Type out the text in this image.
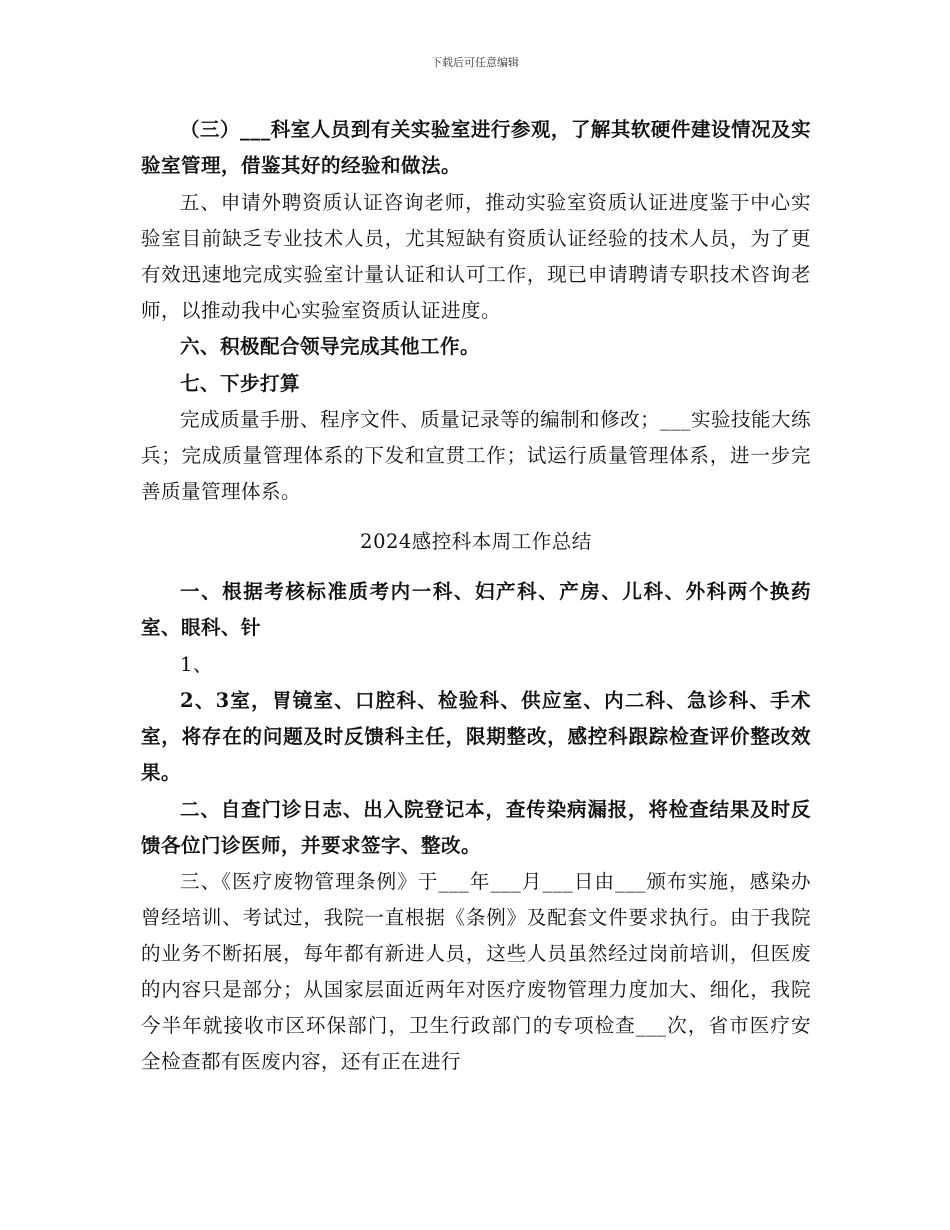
下载后可任意编辑

（三）___科室人员到有关实验室进行参观，了解其软硬件建设情况及实验室管理，借鉴其好的经验和做法。

五、申请外聘资质认证咨询老师，推动实验室资质认证进度鉴于中心实验室目前缺乏专业技术人员，尤其短缺有资质认证经验的技术人员，为了更有效迅速地完成实验室计量认证和认可工作，现已申请聘请专职技术咨询老师，以推动我中心实验室资质认证进度。

六、积极配合领导完成其他工作。

七、下步打算

完成质量手册、程序文件、质量记录等的编制和修改；___实验技能大练兵；完成质量管理体系的下发和宣贯工作；试运行质量管理体系，进一步完善质量管理体系。

2024感控科本周工作总结

一、根据考核标准质考内一科、妇产科、产房、儿科、外科两个换药室、眼科、针

1、

2、3室，胃镜室、口腔科、检验科、供应室、内二科、急诊科、手术室，将存在的问题及时反馈科主任，限期整改，感控科跟踪检查评价整改效果。

二、自查门诊日志、出入院登记本，查传染病漏报，将检查结果及时反馈各位门诊医师，并要求签字、整改。

三、《医疗废物管理条例》于___年___月___日由___颁布实施，感染办曾经培训、考试过，我院一直根据《条例》及配套文件要求执行。由于我院的业务不断拓展，每年都有新进人员，这些人员虽然经过岗前培训，但医废的内容只是部分；从国家层面近两年对医疗废物管理力度加大、细化，我院今半年就接收市区环保部门，卫生行政部门的专项检查___次，省市医疗安全检查都有医废内容，还有正在进行
